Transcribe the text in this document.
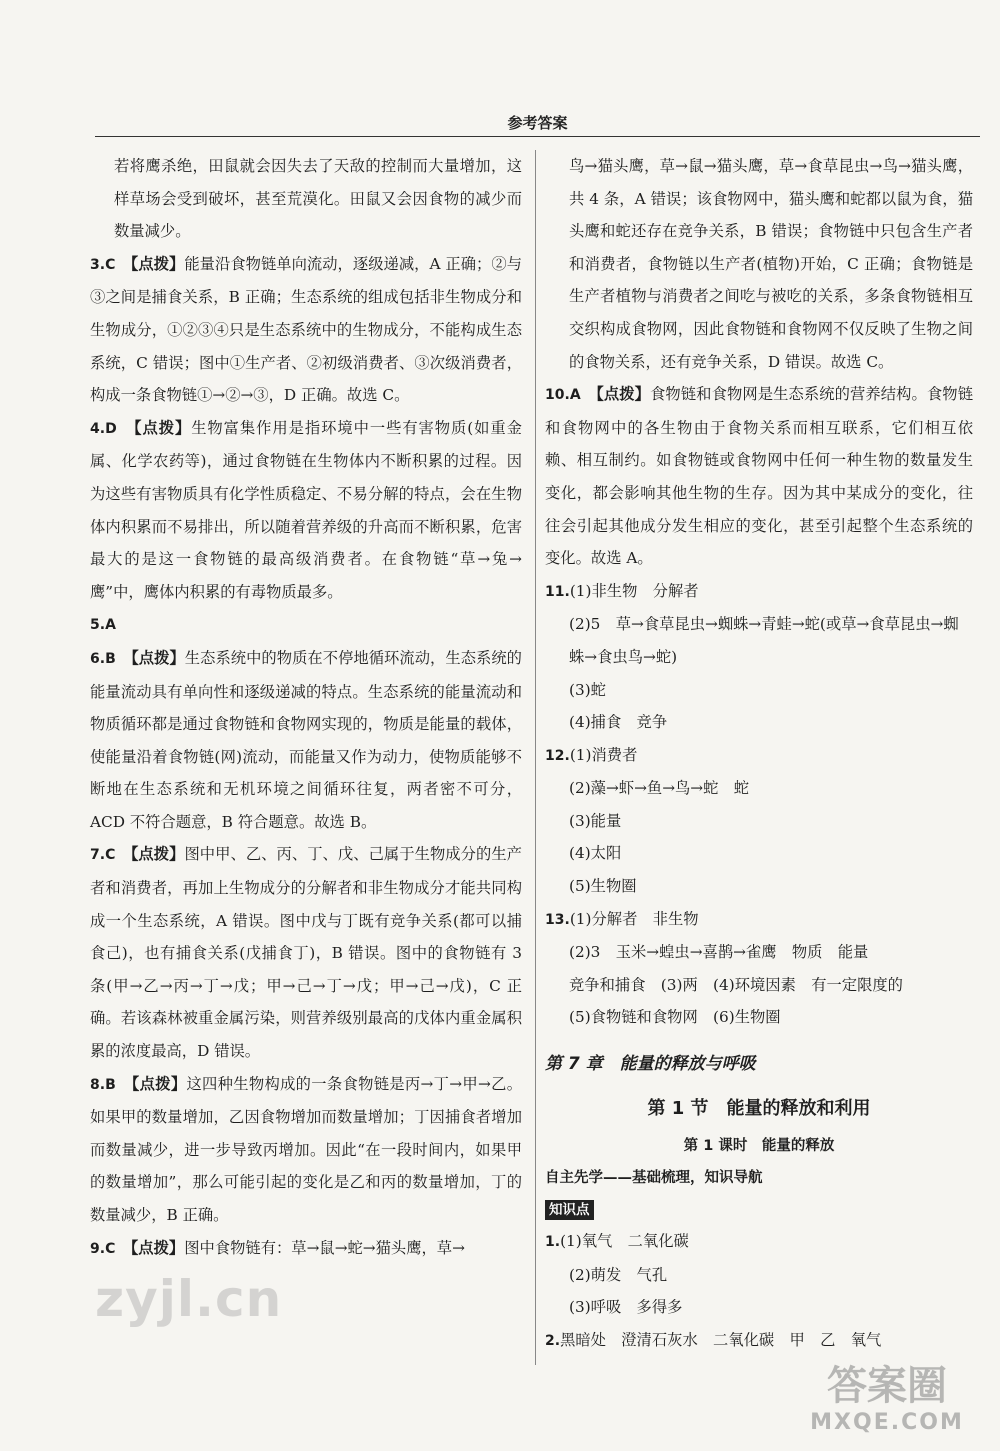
参考答案

若将鹰杀绝，田鼠就会因失去了天敌的控制而大量增加，这样草场会受到破坏，甚至荒漠化。田鼠又会因食物的减少而数量减少。

3.C　 【点拨】能量沿食物链单向流动，逐级递减，A 正确；②与③之间是捕食关系，B 正确；生态系统的组成包括非生物成分和生物成分，①②③④只是生态系统中的生物成分，不能构成生态系统，C 错误；图中①生产者、②初级消费者、③次级消费者，构成一条食物链①→②→③，D 正确。故选 C。

4.D　 【点拨】生物富集作用是指环境中一些有害物质(如重金属、化学农药等)，通过食物链在生物体内不断积累的过程。因为这些有害物质具有化学性质稳定、不易分解的特点，会在生物体内积累而不易排出，所以随着营养级的升高而不断积累，危害最大的是这一食物链的最高级消费者。在食物链“草→兔→鹰”中，鹰体内积累的有毒物质最多。

5.A

6.B　 【点拨】生态系统中的物质在不停地循环流动，生态系统的能量流动具有单向性和逐级递减的特点。生态系统的能量流动和物质循环都是通过食物链和食物网实现的，物质是能量的载体，使能量沿着食物链(网)流动，而能量又作为动力，使物质能够不断地在生态系统和无机环境之间循环往复，两者密不可分，ACD 不符合题意，B 符合题意。故选 B。

7.C　 【点拨】图中甲、乙、丙、丁、戊、己属于生物成分的生产者和消费者，再加上生物成分的分解者和非生物成分才能共同构成一个生态系统，A 错误。图中戊与丁既有竞争关系(都可以捕食己)，也有捕食关系(戊捕食丁)，B 错误。图中的食物链有 3 条(甲→乙→丙→丁→戊；甲→己→丁→戊；甲→己→戊)，C 正确。若该森林被重金属污染，则营养级别最高的戊体内重金属积累的浓度最高，D 错误。

8.B　 【点拨】这四种生物构成的一条食物链是丙→丁→甲→乙。如果甲的数量增加，乙因食物增加而数量增加；丁因捕食者增加而数量减少，进一步导致丙增加。因此“在一段时间内，如果甲的数量增加”，那么可能引起的变化是乙和丙的数量增加，丁的数量减少，B 正确。

9.C　 【点拨】图中食物链有：草→鼠→蛇→猫头鹰，草→

鸟→猫头鹰，草→鼠→猫头鹰，草→食草昆虫→鸟→猫头鹰，共 4 条，A 错误；该食物网中，猫头鹰和蛇都以鼠为食，猫头鹰和蛇还存在竞争关系，B 错误；食物链中只包含生产者和消费者，食物链以生产者(植物)开始，C 正确；食物链是生产者植物与消费者之间吃与被吃的关系，多条食物链相互交织构成食物网，因此食物链和食物网不仅反映了生物之间的食物关系，还有竞争关系，D 错误。故选 C。

10.A　 【点拨】食物链和食物网是生态系统的营养结构。食物链和食物网中的各生物由于食物关系而相互联系，它们相互依赖、相互制约。如食物链或食物网中任何一种生物的数量发生变化，都会影响其他生物的生存。因为其中某成分的变化，往往会引起其他成分发生相应的变化，甚至引起整个生态系统的变化。故选 A。

11.(1)非生物　分解者
(2)5　草→食草昆虫→蜘蛛→青蛙→蛇(或草→食草昆虫→蜘蛛→食虫鸟→蛇)
(3)蛇
(4)捕食　竞争
12.(1)消费者
(2)藻→虾→鱼→鸟→蛇　蛇
(3)能量
(4)太阳
(5)生物圈
13.(1)分解者　非生物
(2)3　玉米→蝗虫→喜鹊→雀鹰　物质　能量
竞争和捕食　(3)两　(4)环境因素　有一定限度的
(5)食物链和食物网　(6)生物圈
第 7 章　能量的释放与呼吸
第 1 节　能量的释放和利用
第 1 课时　能量的释放
自主先学——基础梳理，知识导航
知识点
1.(1)氧气　二氧化碳
(2)萌发　气孔
(3)呼吸　多得多
2.黑暗处　澄清石灰水　二氧化碳　甲　乙　氧气
zyjl.cn
答案圈
MXQE.COM
